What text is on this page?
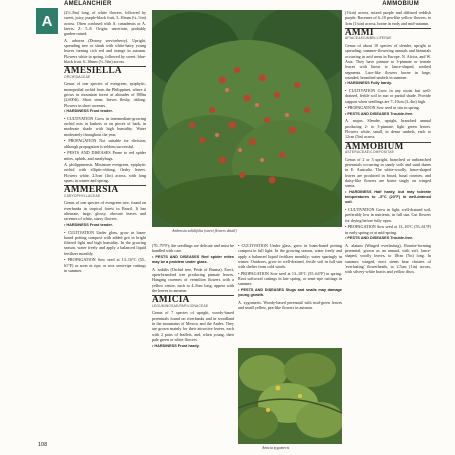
A
AMELANCHIER	AMMOBIUM

(2½–8m) long, of white flowers, followed by sweet, juicy, purple-black fruit, 5–10mm (¼–½in) across. Often confused with A. canadensis or A. laevis. Z: 5–8. Origin: uncertain, probably garden-raised.

A. arborea (Downy serviceberry). Upright, spreading tree or shrub with white-hairy young leaves turning rich red and orange in autumn. Flowers white in spring, followed by sweet, blue-black fruit, 6–10mm (⅓–⅜in) across.

AMESIELLA
ORCHIDACEAE

Genus of one species of evergreen, epiphytic, monopodial orchid from the Philippines, where it grows in mountain forest at altitudes of 800m (2,600ft). Short stem; leaves fleshy, oblong. Flowers in short racemes.

• HARDINESS Frost tender.

• CULTIVATION Grow in intermediate-growing orchid mix in baskets or on pieces of bark, in moderate shade with high humidity. Water moderately throughout the year.

• PROPAGATION Not suitable for division; although propagation is seldom successful.

• PESTS AND DISEASES Prone to red spider mites, aphids, and mealybugs.

A. philippinensis. Miniature evergreen, epiphytic orchid with elliptic-oblong, fleshy leaves. Flowers white, 2.5cm (1in) across, with long spurs; in winter and spring.

AMMERSIA
CARYOPHYLLACEAE

Genus of one species of evergreen tree, found on riverbanks in tropical forest in Brazil. It has alternate, large, glossy, obovate leaves and racemes of white, starry flowers.

• HARDINESS Frost tender.

• CULTIVATION Under glass, grow in loam-based potting compost with added grit in bright filtered light and high humidity. In the growing season, water freely and apply a balanced liquid fertilizer monthly.

• PROPAGATION Sow seed at 13–16°C (55–61°F) as soon as ripe, or root semi-ripe cuttings in summer.

Ambrosia solidifolia (sweet flowers detail)

(70–79°F); the seedlings are delicate and must be handled with care.

• PESTS AND DISEASES Red spider mites may be a problem under glass.

A. nobilis (Orchid tree, Pride of Burma). Erect, open-branched tree producing pinnate leaves. Hanging racemes of vermilion flowers with a yellow centre, each to 4–8cm long, appear with the leaves in autumn.

AMICIA
LEGUMINOSAE/PAPILIONACEAE

Genus of 7 species of upright, woody-based perennials found on riverbanks and in woodland in the mountains of Mexico and the Andes. They are grown mainly for their attractive leaves, each with 2 pairs of leaflets, and, when young, their pale green or white flowers.

• HARDINESS Frost hardy.

• CULTIVATION Under glass, grow in loam-based potting compost in full light. In the growing season, water freely and apply a balanced liquid fertilizer monthly; water sparingly in winter. Outdoors, grow in well-drained, fertile soil in full sun with shelter from cold winds.

• PROPAGATION Sow seed at 13–18°C (55–64°F) in spring. Root softwood cuttings in late spring, or semi-ripe cuttings in summer.

• PESTS AND DISEASES Slugs and snails may damage young growth.

A. zygomeris. Woody-based perennial with mid-green leaves and small yellow, pea-like flowers in autumn.

Amicia zygomeris

(1¾in) across, mixed purple and diffused reddish purple. Racemes of 6–10 pea-like yellow flowers, to 3cm (1¼in) across, borne in early and mid-autumn.

AMMI
APIACEAE/UMBELLIFERAE

Genus of about 10 species of slender, upright to spreading, summer-flowering annuals and biennials occurring in arid areas in Europe, N. Africa, and W. Asia. They have pinnate to 3-pinnate or ternate leaves with linear to lance-shaped, toothed segments. Lace-like flowers borne in large, rounded, branched umbels in summer.

• HARDINESS Fully hardy.

• CULTIVATION Grow in any moist but well-drained, fertile soil in sun or partial shade. Provide support when seedlings are 7–10cm (3–4in) high.

• PROPAGATION Sow seed in situ in spring.

• PESTS AND DISEASES Trouble-free.

A. majus. Slender, upright, branched annual producing 2- to 3-pinnate, light green leaves. Flowers white, small, in dense umbels, each to 12cm (5in) across.

AMMOBIUM
ASTERACEAE/COMPOSITAE

Genus of 2 or 3 upright, branched or unbranched perennials occurring in sandy soils and sand dunes in E. Australia. The white-woolly, lance-shaped leaves are produced in broad, basal rosettes, and daisy-like flowers are borne singly on winged stems.

• HARDINESS Half hardy, but may tolerate temperatures to –5°C (23°F) in well-drained soil.

• CULTIVATION Grow in light, well-drained soil, preferably low in nutrients, in full sun. Cut flowers for drying before fully open.

• PROPAGATION Sow seed at 13–16°C (55–61°F) in early spring or at mid-spring.

• PESTS AND DISEASES Trouble-free.

A. alatum (Winged everlasting). Rosette-forming perennial, grown as an annual, with soft, lance-shaped, woolly leaves, to 18cm (7in) long. In summer, winged, erect stems bear clusters of 'everlasting' flowerheads, to 2.5cm (1in) across, with silvery-white bracts and yellow discs.

108
